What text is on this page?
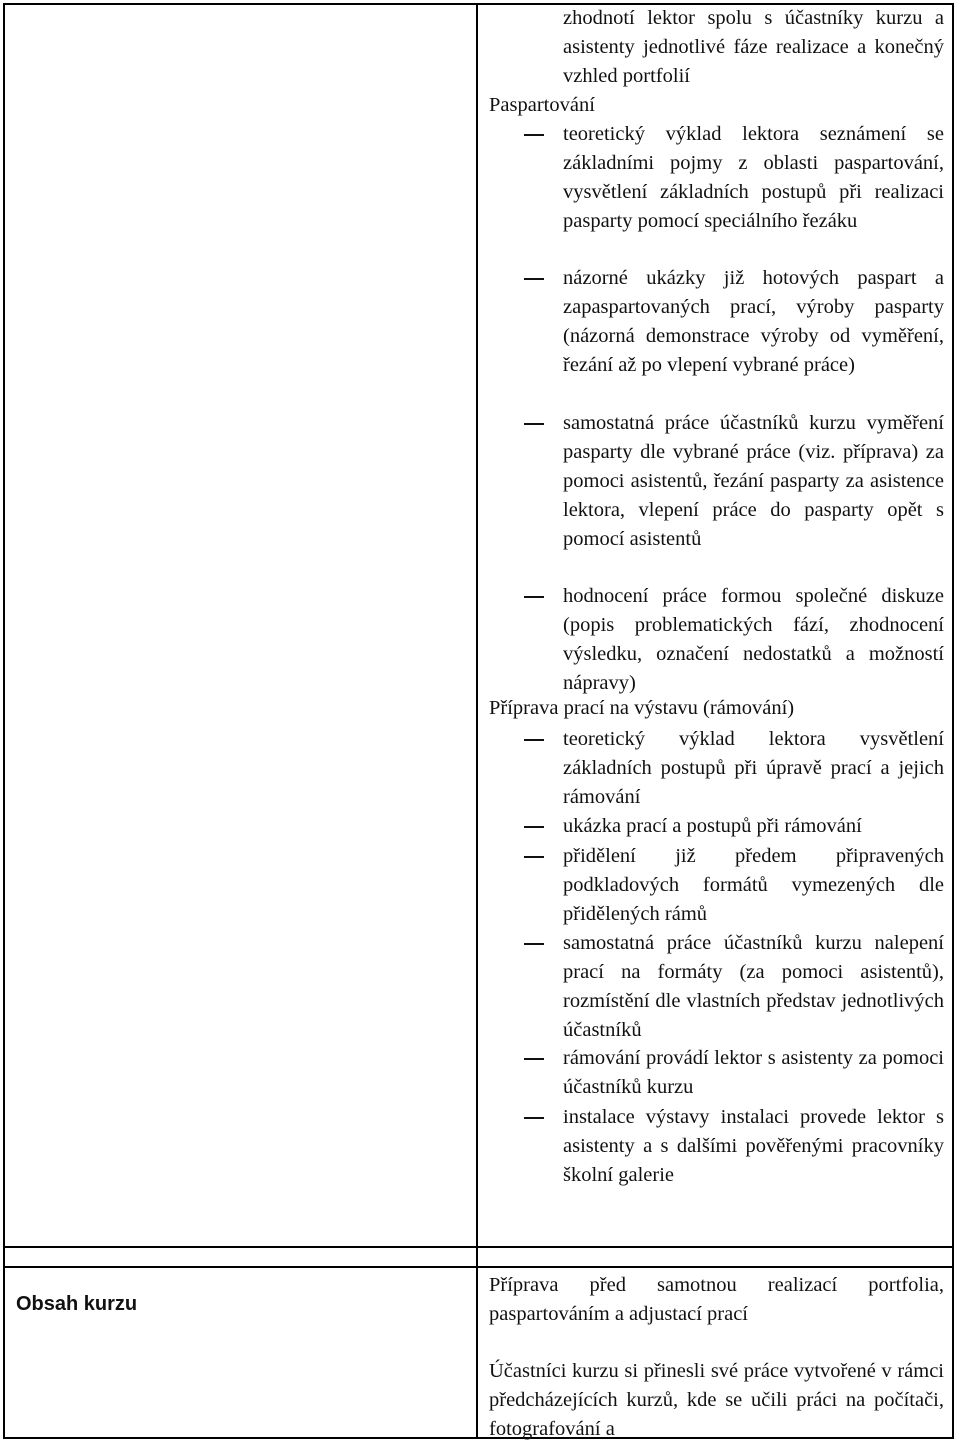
zhodnotí lektor spolu s účastníky kurzu a asistenty jednotlivé fáze realizace a konečný vzhled portfolií
Paspartování
teoretický výklad lektora seznámení se základními pojmy z oblasti paspartování, vysvětlení základních postupů při realizaci pasparty pomocí speciálního řezáku
názorné ukázky již hotových paspart a zapaspartovaných prací, výroby pasparty (názorná demonstrace výroby od vyměření, řezání až po vlepení vybrané práce)
samostatná práce účastníků kurzu vyměření pasparty dle vybrané práce (viz. příprava) za pomoci asistentů, řezání pasparty za asistence lektora, vlepení práce do pasparty opět s pomocí asistentů
hodnocení práce formou společné diskuze (popis problematických fází, zhodnocení výsledku, označení nedostatků a možností nápravy)
Příprava prací na výstavu (rámování)
teoretický výklad lektora vysvětlení základních postupů při úpravě prací a jejich rámování
ukázka prací a postupů při rámování
přidělení již předem připravených podkladových formátů vymezených dle přidělených rámů
samostatná práce účastníků kurzu nalepení prací na formáty (za pomoci asistentů), rozmístění dle vlastních představ jednotlivých účastníků
rámování provádí lektor s asistenty za pomoci účastníků kurzu
instalace výstavy instalaci provede lektor s asistenty a s dalšími pověřenými pracovníky školní galerie
Obsah kurzu
Příprava před samotnou realizací portfolia, paspartováním a adjustací prací
Účastníci kurzu si přinesli své práce vytvořené v rámci předcházejících kurzů, kde se učili práci na počítači, fotografování a
